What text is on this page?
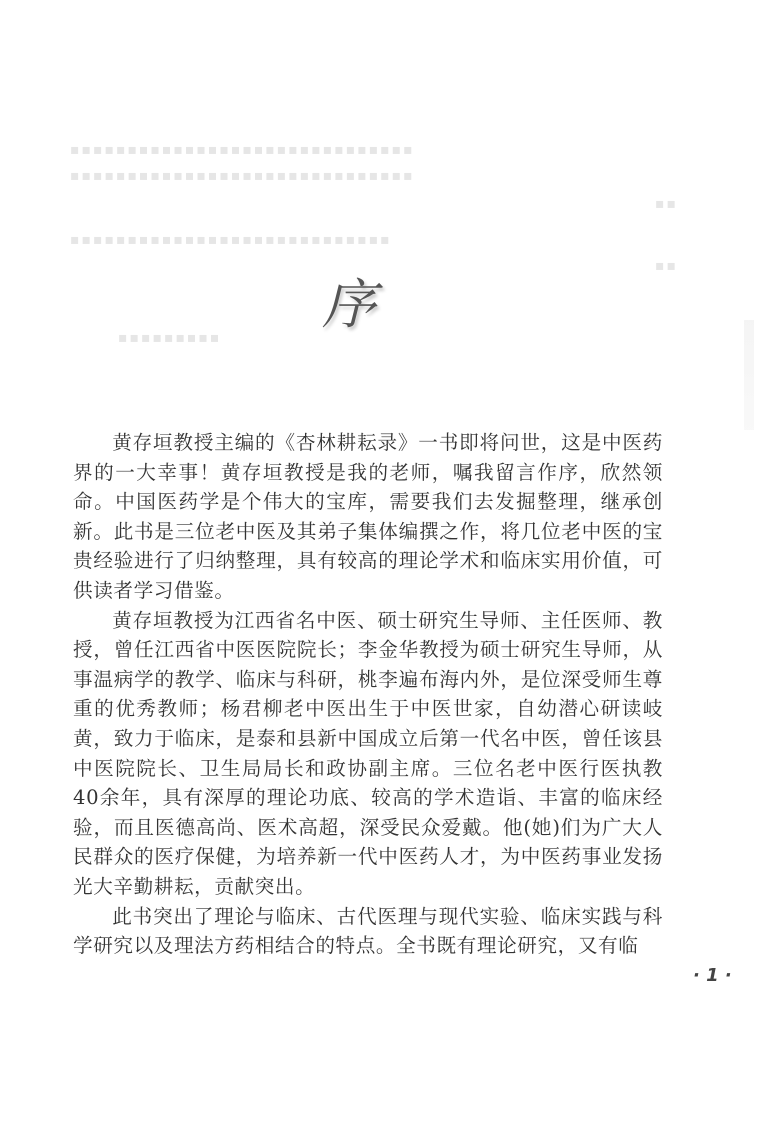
▪▪▪▪▪▪▪▪▪▪▪▪▪▪▪▪▪▪▪▪▪▪▪▪▪▪▪▪▪▪
▪▪▪▪▪▪▪▪▪▪▪▪▪▪▪▪▪▪▪▪▪▪▪▪▪▪▪▪▪▪
▪▪
▪▪▪▪▪▪▪▪▪▪▪▪▪▪▪▪▪▪▪▪▪▪▪▪▪▪▪▪
▪▪
▪▪▪▪▪▪▪▪▪
序

黄存垣教授主编的《杏林耕耘录》一书即将问世，这是中医药界的一大幸事！黄存垣教授是我的老师，嘱我留言作序，欣然领命。中国医药学是个伟大的宝库，需要我们去发掘整理，继承创新。此书是三位老中医及其弟子集体编撰之作，将几位老中医的宝贵经验进行了归纳整理，具有较高的理论学术和临床实用价值，可供读者学习借鉴。

黄存垣教授为江西省名中医、硕士研究生导师、主任医师、教授，曾任江西省中医医院院长；李金华教授为硕士研究生导师，从事温病学的教学、临床与科研，桃李遍布海内外，是位深受师生尊重的优秀教师；杨君柳老中医出生于中医世家，自幼潜心研读岐黄，致力于临床，是泰和县新中国成立后第一代名中医，曾任该县中医院院长、卫生局局长和政协副主席。三位名老中医行医执教40余年，具有深厚的理论功底、较高的学术造诣、丰富的临床经验，而且医德高尚、医术高超，深受民众爱戴。他(她)们为广大人民群众的医疗保健，为培养新一代中医药人才，为中医药事业发扬光大辛勤耕耘，贡献突出。

此书突出了理论与临床、古代医理与现代实验、临床实践与科学研究以及理法方药相结合的特点。全书既有理论研究，又有临

· 1 ·
